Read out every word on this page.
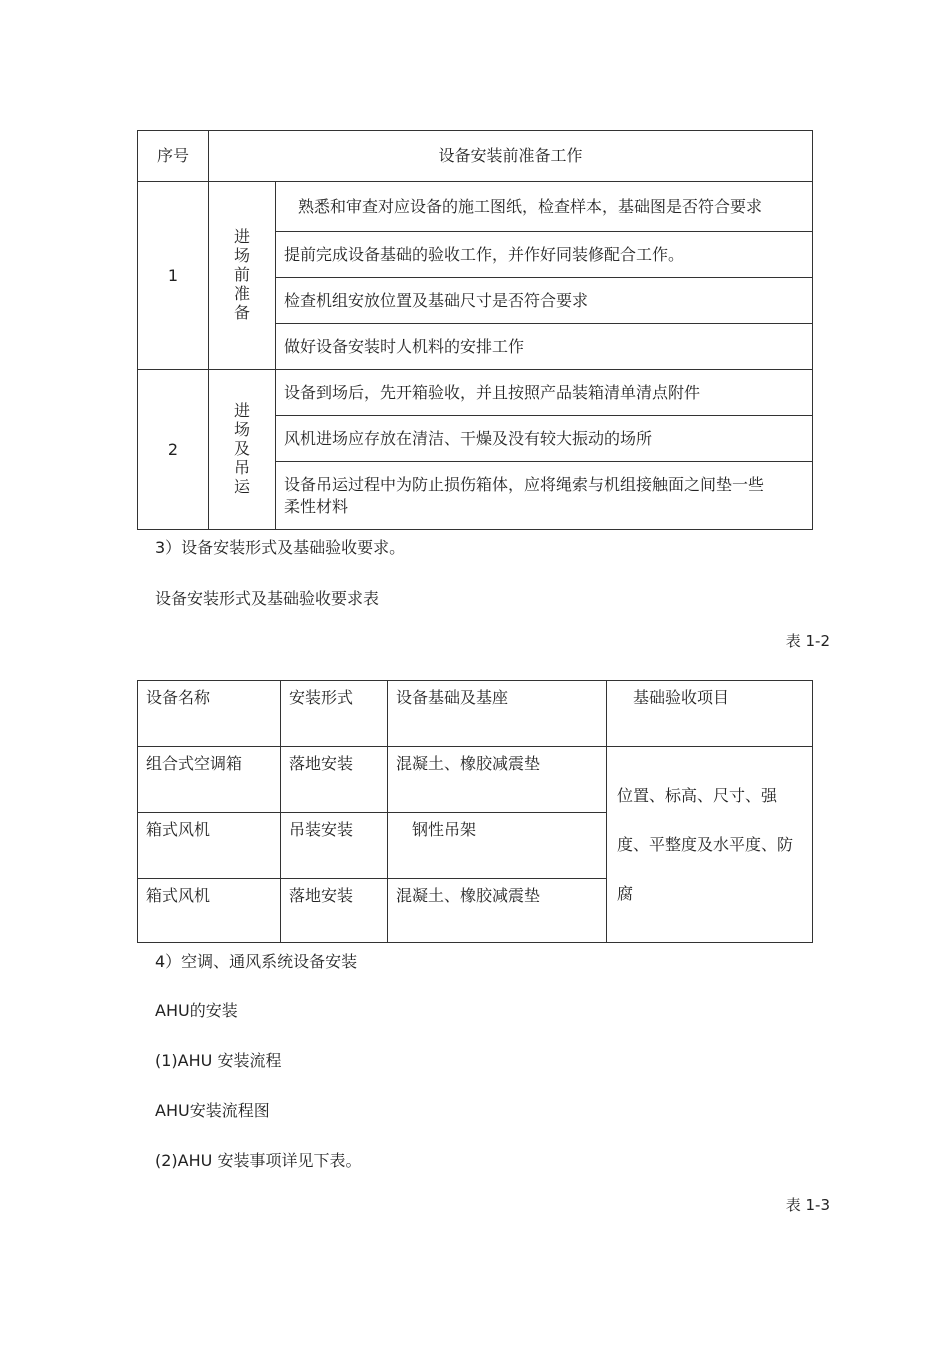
序号	设备安装前准备工作	
1	进场前准备	熟悉和审查对应设备的施工图纸，检查样本，基础图是否符合要求
		提前完成设备基础的验收工作，并作好同装修配合工作。
		检查机组安放位置及基础尺寸是否符合要求
		做好设备安装时人机料的安排工作
2	进场及吊运	设备到场后，先开箱验收，并且按照产品装箱清单清点附件
		风机进场应存放在清洁、干燥及没有较大振动的场所
		设备吊运过程中为防止损伤箱体，应将绳索与机组接触面之间垫一些柔性材料
3）设备安装形式及基础验收要求。
设备安装形式及基础验收要求表
表 1-2
设备名称	安装形式	设备基础及基座	基础验收项目
组合式空调箱	落地安装	混凝土、橡胶减震垫	位置、标高、尺寸、强度、平整度及水平度、防腐
箱式风机	吊装安装	钢性吊架	
箱式风机	落地安装	混凝土、橡胶减震垫	
4）空调、通风系统设备安装
AHU的安装
(1)AHU 安装流程
AHU安装流程图
(2)AHU 安装事项详见下表。
表 1-3
